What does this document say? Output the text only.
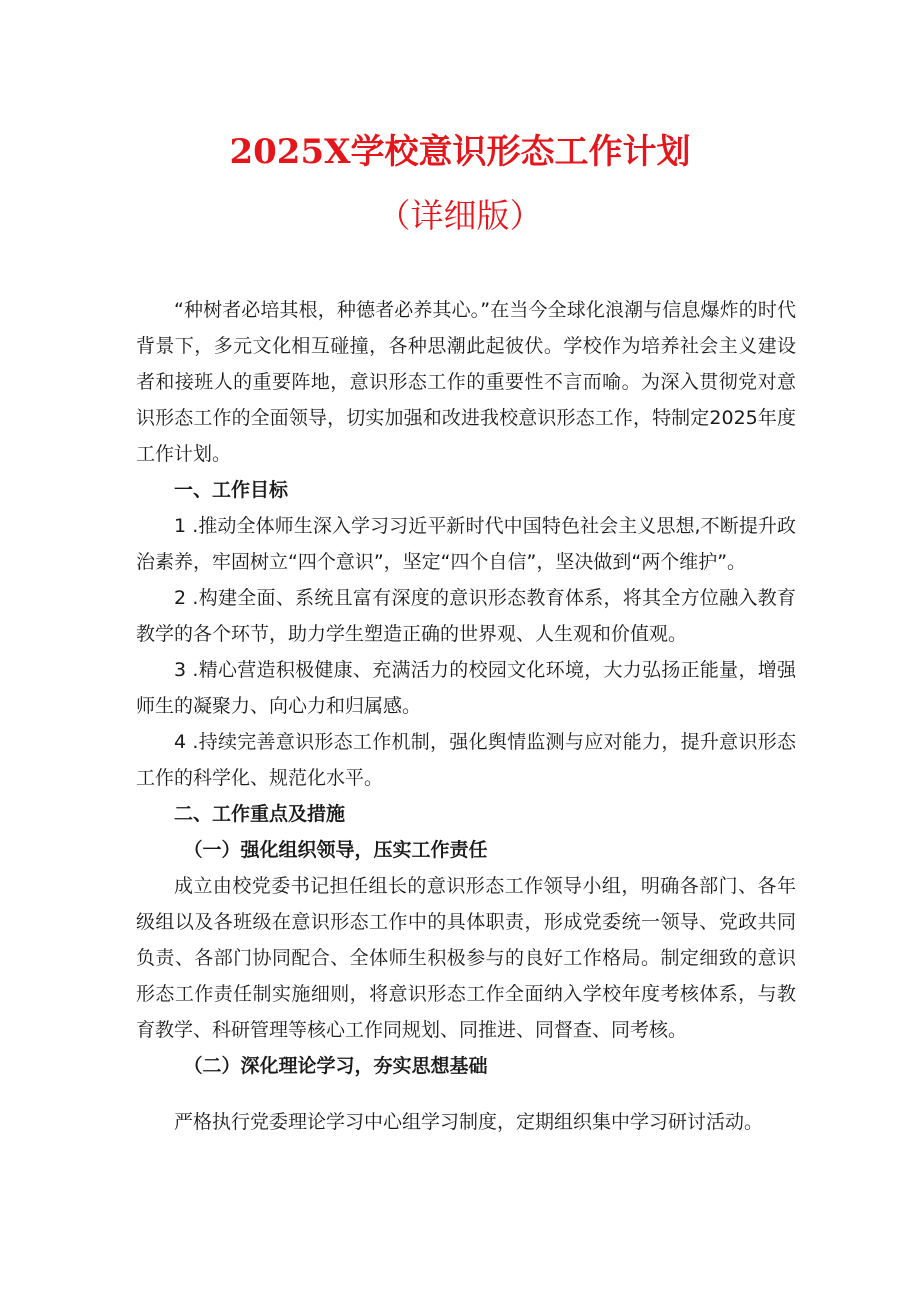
2025X学校意识形态工作计划
（详细版）

“种树者必培其根，种德者必养其心。”在当今全球化浪潮与信息爆炸的时代背景下，多元文化相互碰撞，各种思潮此起彼伏。学校作为培养社会主义建设者和接班人的重要阵地，意识形态工作的重要性不言而喻。为深入贯彻党对意识形态工作的全面领导，切实加强和改进我校意识形态工作，特制定2025年度工作计划。

一、工作目标

1 .推动全体师生深入学习习近平新时代中国特色社会主义思想,不断提升政治素养，牢固树立“四个意识”，坚定“四个自信”，坚决做到“两个维护”。

2 .构建全面、系统且富有深度的意识形态教育体系，将其全方位融入教育教学的各个环节，助力学生塑造正确的世界观、人生观和价值观。

3 .精心营造积极健康、充满活力的校园文化环境，大力弘扬正能量，增强师生的凝聚力、向心力和归属感。

4 .持续完善意识形态工作机制，强化舆情监测与应对能力，提升意识形态工作的科学化、规范化水平。

二、工作重点及措施

（一）强化组织领导，压实工作责任

成立由校党委书记担任组长的意识形态工作领导小组，明确各部门、各年级组以及各班级在意识形态工作中的具体职责，形成党委统一领导、党政共同负责、各部门协同配合、全体师生积极参与的良好工作格局。制定细致的意识形态工作责任制实施细则，将意识形态工作全面纳入学校年度考核体系，与教育教学、科研管理等核心工作同规划、同推进、同督查、同考核。

（二）深化理论学习，夯实思想基础

严格执行党委理论学习中心组学习制度，定期组织集中学习研讨活动。
